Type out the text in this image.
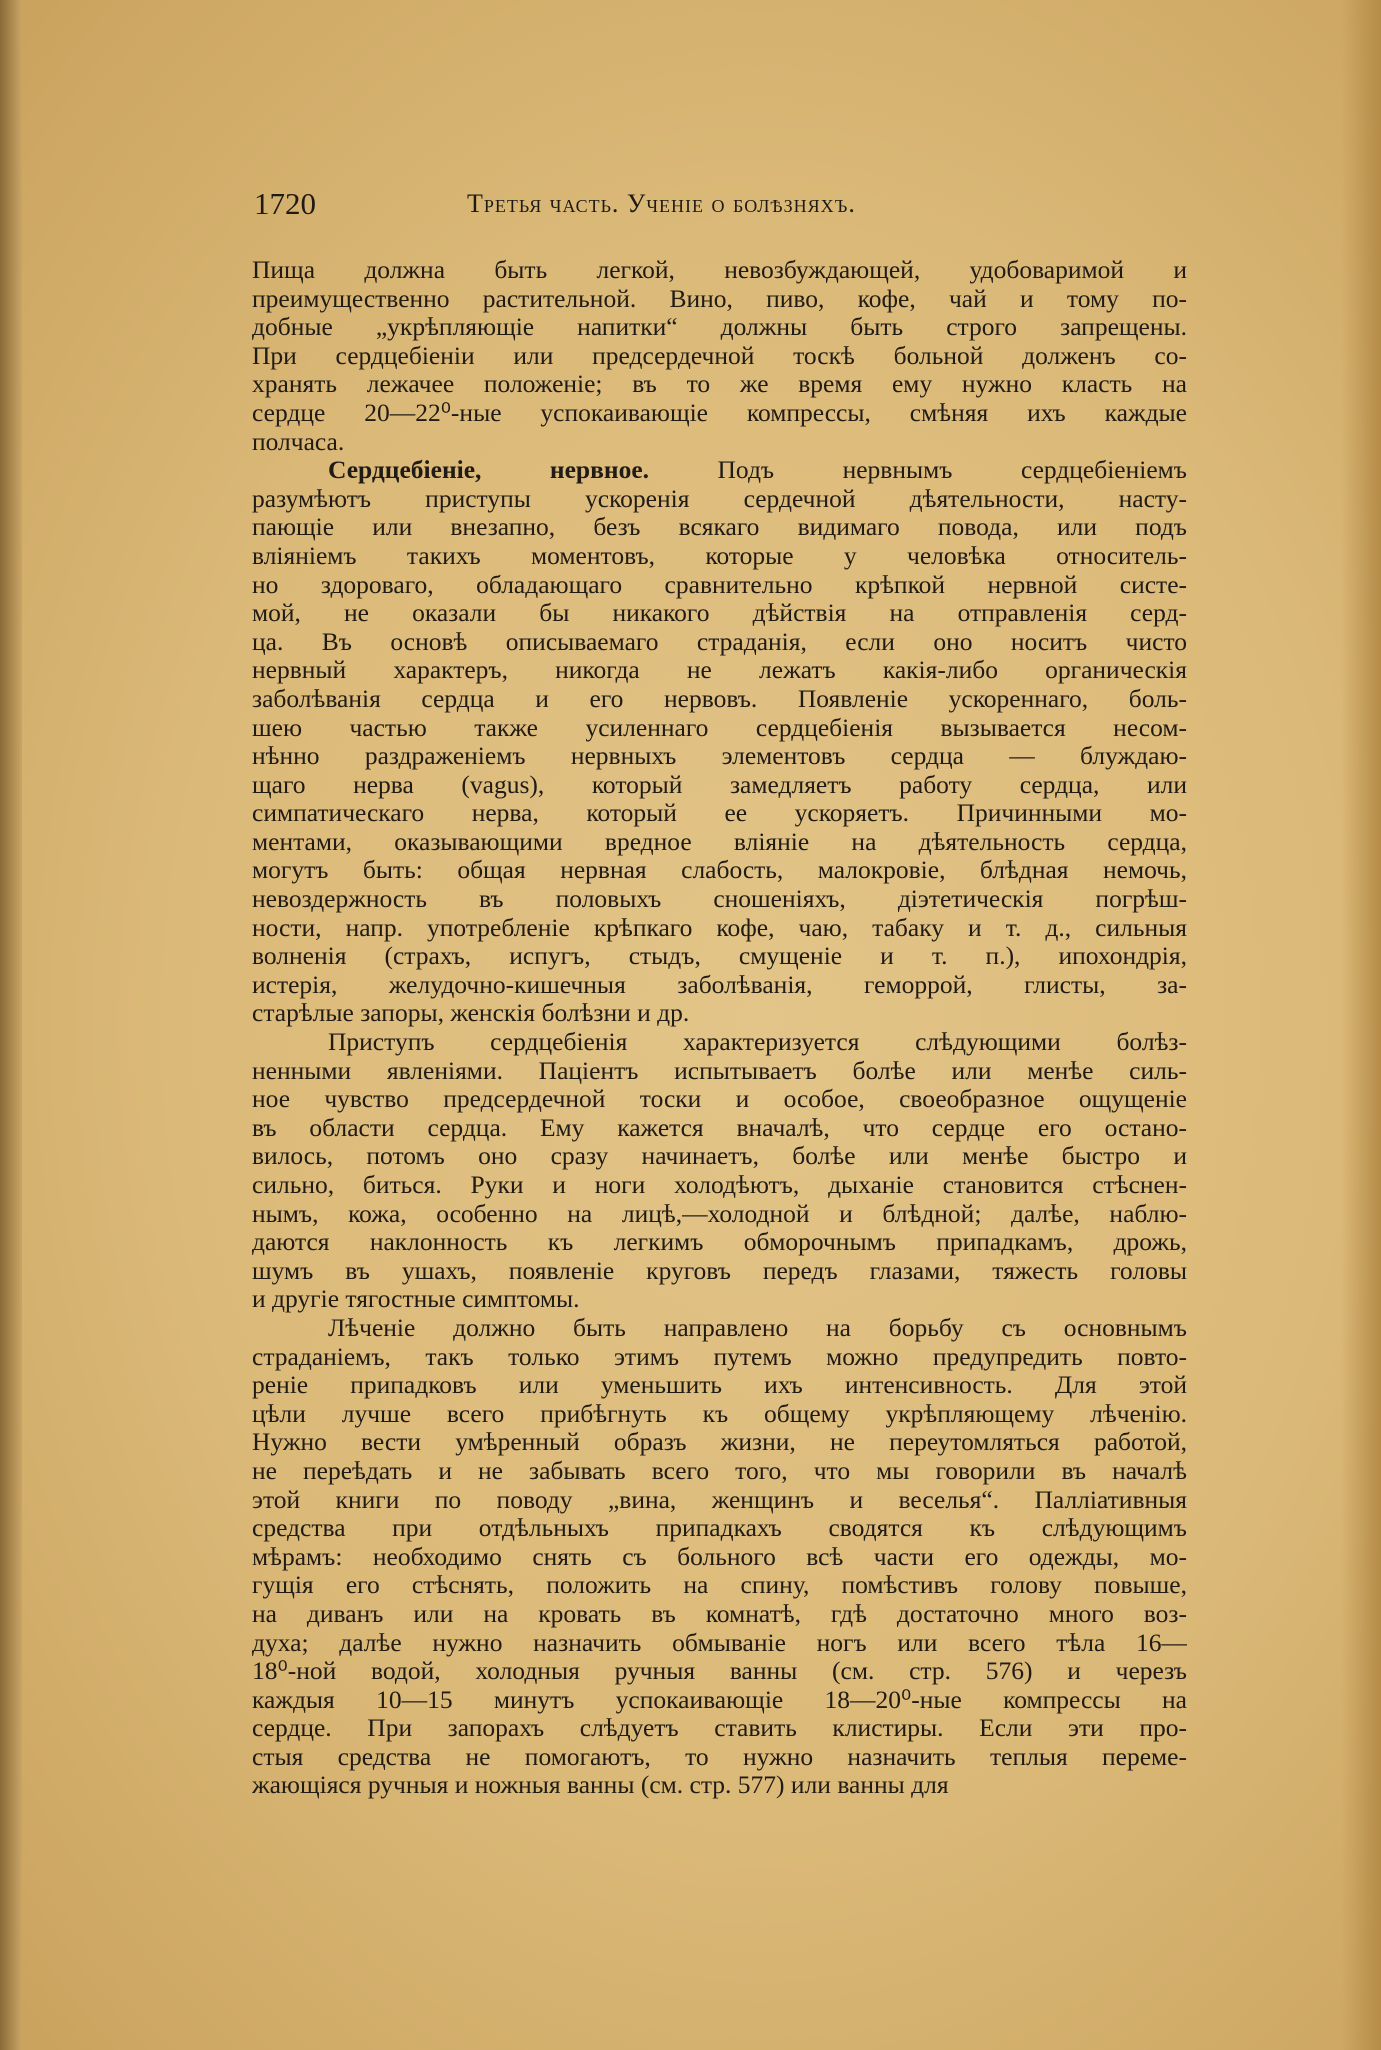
1720	Третья часть. Ученіе о болѣзняхъ.
Пища должна быть легкой, невозбуждающей, удобоваримой и
преимущественно растительной. Вино, пиво, кофе, чай и тому по-
добные „укрѣпляющіе напитки“ должны быть строго запрещены.
При сердцебіеніи или предсердечной тоскѣ больной долженъ со-
хранять лежачее положеніе; въ то же время ему нужно класть на
сердце 20—22⁰-ные успокаивающіе компрессы, смѣняя ихъ каждые
полчаса.
Сердцебіеніе, нервное. Подъ нервнымъ сердцебіеніемъ
разумѣютъ приступы ускоренія сердечной дѣятельности, насту-
пающіе или внезапно, безъ всякаго видимаго повода, или подъ
вліяніемъ такихъ моментовъ, которые у человѣка относитель-
но здороваго, обладающаго сравнительно крѣпкой нервной систе-
мой, не оказали бы никакого дѣйствія на отправленія серд-
ца. Въ основѣ описываемаго страданія, если оно носитъ чисто
нервный характеръ, никогда не лежатъ какія-либо органическія
заболѣванія сердца и его нервовъ. Появленіе ускореннаго, боль-
шею частью также усиленнаго сердцебіенія вызывается несом-
нѣнно раздраженіемъ нервныхъ элементовъ сердца — блуждаю-
щаго нерва (vagus), который замедляетъ работу сердца, или
симпатическаго нерва, который ее ускоряетъ. Причинными мо-
ментами, оказывающими вредное вліяніе на дѣятельность сердца,
могутъ быть: общая нервная слабость, малокровіе, блѣдная немочь,
невоздержность въ половыхъ сношеніяхъ, діэтетическія погрѣш-
ности, напр. употребленіе крѣпкаго кофе, чаю, табаку и т. д., сильныя
волненія (страхъ, испугъ, стыдъ, смущеніе и т. п.), ипохондрія,
истерія, желудочно-кишечныя заболѣванія, геморрой, глисты, за-
старѣлые запоры, женскія болѣзни и др.
Приступъ сердцебіенія характеризуется слѣдующими болѣз-
ненными явленіями. Паціентъ испытываетъ болѣе или менѣе силь-
ное чувство предсердечной тоски и особое, своеобразное ощущеніе
въ области сердца. Ему кажется вначалѣ, что сердце его остано-
вилось, потомъ оно сразу начинаетъ, болѣе или менѣе быстро и
сильно, биться. Руки и ноги холодѣютъ, дыханіе становится стѣснен-
нымъ, кожа, особенно на лицѣ,—холодной и блѣдной; далѣе, наблю-
даются наклонность къ легкимъ обморочнымъ припадкамъ, дрожь,
шумъ въ ушахъ, появленіе круговъ передъ глазами, тяжесть головы
и другіе тягостные симптомы.
Лѣченіе должно быть направлено на борьбу съ основнымъ
страданіемъ, такъ только этимъ путемъ можно предупредить повто-
реніе припадковъ или уменьшить ихъ интенсивность. Для этой
цѣли лучше всего прибѣгнуть къ общему укрѣпляющему лѣченію.
Нужно вести умѣренный образъ жизни, не переутомляться работой,
не переѣдать и не забывать всего того, что мы говорили въ началѣ
этой книги по поводу „вина, женщинъ и веселья“. Палліативныя
средства при отдѣльныхъ припадкахъ сводятся къ слѣдующимъ
мѣрамъ: необходимо снять съ больного всѣ части его одежды, мо-
гущія его стѣснять, положить на спину, помѣстивъ голову повыше,
на диванъ или на кровать въ комнатѣ, гдѣ достаточно много воз-
духа; далѣе нужно назначить обмываніе ногъ или всего тѣла 16—
18⁰-ной водой, холодныя ручныя ванны (см. стр. 576) и черезъ
каждыя 10—15 минутъ успокаивающіе 18—20⁰-ные компрессы на
сердце. При запорахъ слѣдуетъ ставить клистиры. Если эти про-
стыя средства не помогаютъ, то нужно назначить теплыя переме-
жающіяся ручныя и ножныя ванны (см. стр. 577) или ванны для
